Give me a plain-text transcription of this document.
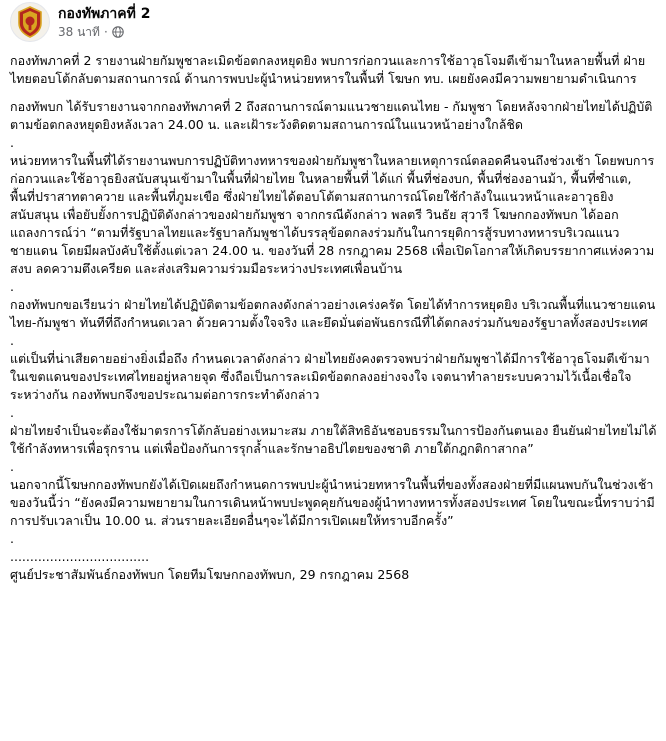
กองทัพภาคที่ 2
38 นาที ·

กองทัพภาคที่ 2 รายงานฝ่ายกัมพูชาละเมิดข้อตกลงหยุดยิง พบการก่อกวนและการใช้อาวุธโจมตีเข้ามาในหลายพื้นที่ ฝ่ายไทยตอบโต้กลับตามสถานการณ์ ด้านการพบปะผู้นำหน่วยทหารในพื้นที่ โฆษก ทบ. เผยยังคงมีความพยายามดำเนินการ

กองทัพบก ได้รับรายงานจากกองทัพภาคที่ 2 ถึงสถานการณ์ตามแนวชายแดนไทย - กัมพูชา โดยหลังจากฝ่ายไทยได้ปฏิบัติตามข้อตกลงหยุดยิงหลังเวลา 24.00 น. และเฝ้าระวังติดตามสถานการณ์ในแนวหน้าอย่างใกล้ชิด

.

หน่วยทหารในพื้นที่ได้รายงานพบการปฏิบัติทางทหารของฝ่ายกัมพูชาในหลายเหตุการณ์ตลอดคืนจนถึงช่วงเช้า โดยพบการก่อกวนและใช้อาวุธยิงสนับสนุนเข้ามาในพื้นที่ฝ่ายไทย ในหลายพื้นที่ ได้แก่ พื้นที่ช่องบก, พื้นที่ช่องอานม้า, พื้นที่ซำแต, พื้นที่ปราสาทตาควาย และพื้นที่ภูมะเขือ ซึ่งฝ่ายไทยได้ตอบโต้ตามสถานการณ์โดยใช้กำลังในแนวหน้าและอาวุธยิงสนับสนุน เพื่อยับยั้งการปฏิบัติดังกล่าวของฝ่ายกัมพูชา จากกรณีดังกล่าว พลตรี วินธัย สุวารี โฆษกกองทัพบก ได้ออกแถลงการณ์ว่า “ตามที่รัฐบาลไทยและรัฐบาลกัมพูชาได้บรรลุข้อตกลงร่วมกันในการยุติการสู้รบทางทหารบริเวณแนวชายแดน โดยมีผลบังคับใช้ตั้งแต่เวลา 24.00 น. ของวันที่ 28 กรกฎาคม 2568 เพื่อเปิดโอกาสให้เกิดบรรยากาศแห่งความสงบ ลดความตึงเครียด และส่งเสริมความร่วมมือระหว่างประเทศเพื่อนบ้าน

.

กองทัพบกขอเรียนว่า ฝ่ายไทยได้ปฏิบัติตามข้อตกลงดังกล่าวอย่างเคร่งครัด โดยได้ทำการหยุดยิง บริเวณพื้นที่แนวชายแดน ไทย-กัมพูชา ทันทีที่ถึงกำหนดเวลา ด้วยความตั้งใจจริง และยึดมั่นต่อพันธกรณีที่ได้ตกลงร่วมกันของรัฐบาลทั้งสองประเทศ

.

แต่เป็นที่น่าเสียดายอย่างยิ่งเมื่อถึง กำหนดเวลาดังกล่าว ฝ่ายไทยยังคงตรวจพบว่าฝ่ายกัมพูชาได้มีการใช้อาวุธโจมตีเข้ามาในเขตแดนของประเทศไทยอยู่หลายจุด ซึ่งถือเป็นการละเมิดข้อตกลงอย่างจงใจ เจตนาทำลายระบบความไว้เนื้อเชื่อใจระหว่างกัน กองทัพบกจึงขอประณามต่อการกระทำดังกล่าว

.

ฝ่ายไทยจำเป็นจะต้องใช้มาตรการโต้กลับอย่างเหมาะสม ภายใต้สิทธิอันชอบธรรมในการป้องกันตนเอง ยืนยันฝ่ายไทยไม่ได้ใช้กำลังทหารเพื่อรุกราน แต่เพื่อป้องกันการรุกล้ำและรักษาอธิปไตยของชาติ ภายใต้กฎกติกาสากล”

.

นอกจากนี้โฆษกกองทัพบกยังได้เปิดเผยถึงกำหนดการพบปะผู้นำหน่วยทหารในพื้นที่ของทั้งสองฝ่ายที่มีแผนพบกันในช่วงเช้าของวันนี้ว่า “ยังคงมีความพยายามในการเดินหน้าพบปะพูดคุยกันของผู้นำทางทหารทั้งสองประเทศ โดยในขณะนี้ทราบว่ามีการปรับเวลาเป็น 10.00 น. ส่วนรายละเอียดอื่นๆจะได้มีการเปิดเผยให้ทราบอีกครั้ง”

.

...................................

ศูนย์ประชาสัมพันธ์กองทัพบก โดยทีมโฆษกกองทัพบก, 29 กรกฎาคม 2568
